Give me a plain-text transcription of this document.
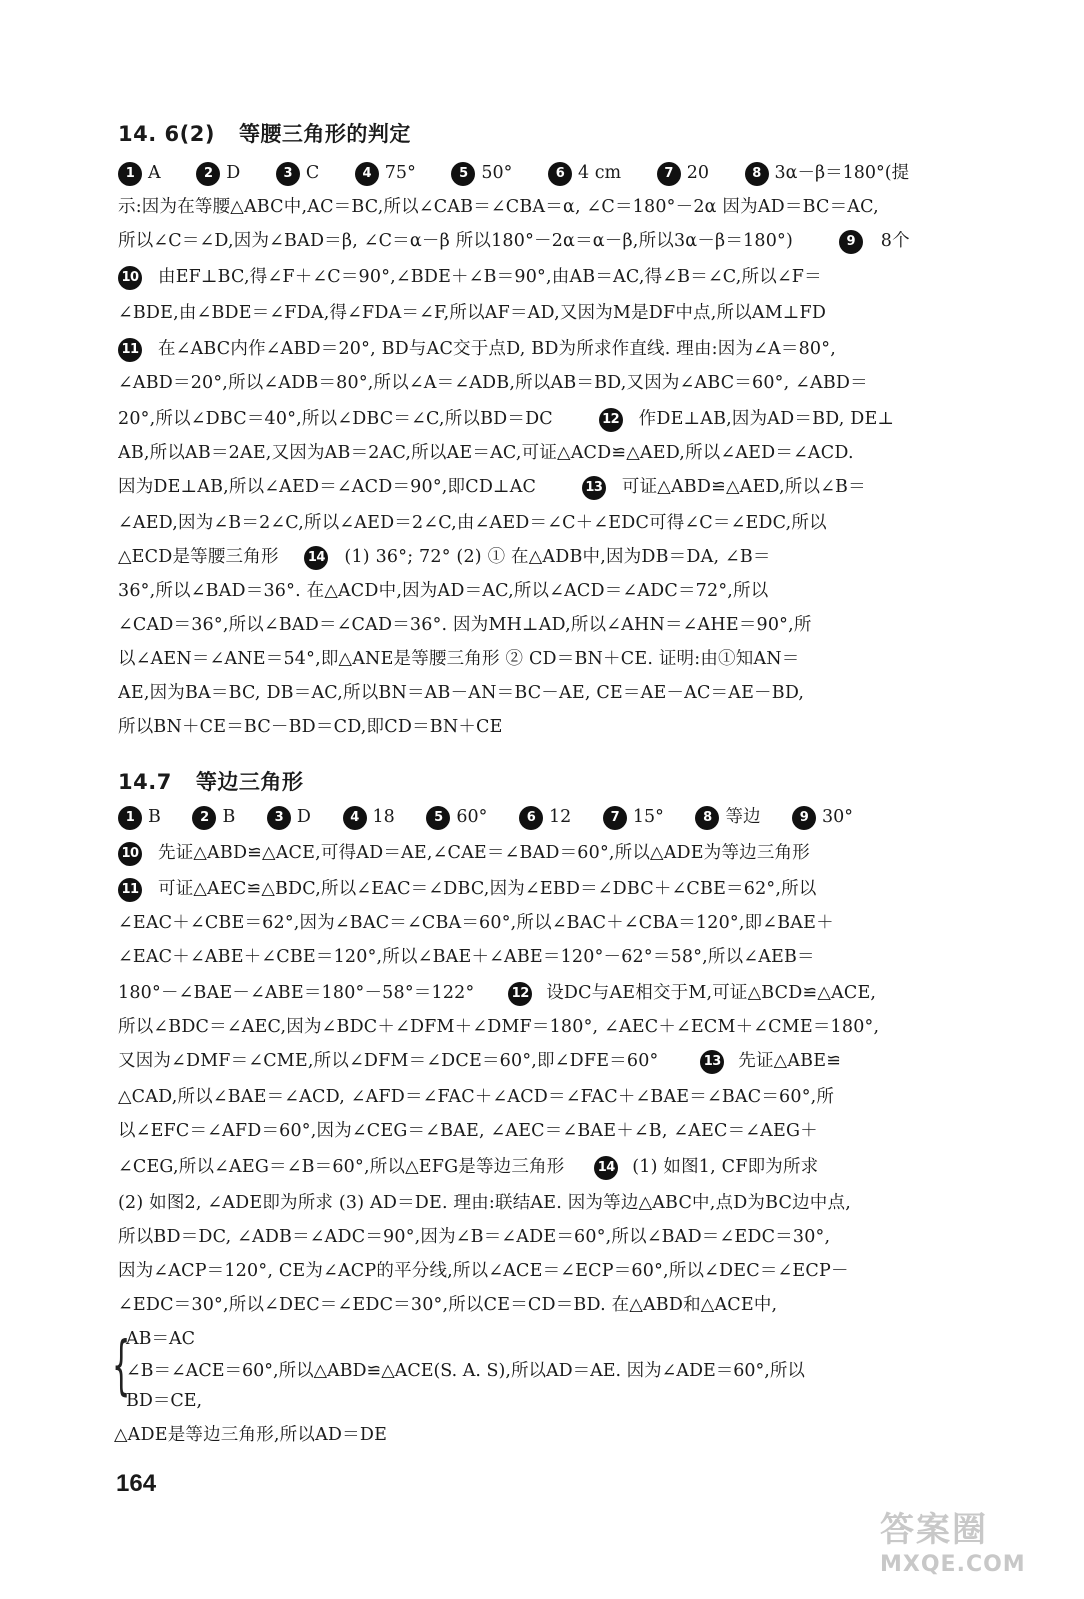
14. 6(2) 等腰三角形的判定
1 A	2 D	3 C	4 75°	5 50°	6 4 cm	7 20	8 3α－β＝180°(提
示:因为在等腰△ABC中,AC＝BC,所以∠CAB＝∠CBA＝α, ∠C＝180°－2α 因为AD＝BC＝AC,
所以∠C＝∠D,因为∠BAD＝β, ∠C＝α－β 所以180°－2α＝α－β,所以3α－β＝180°)	9 8个
10 由EF⊥BC,得∠F＋∠C＝90°,∠BDE＋∠B＝90°,由AB＝AC,得∠B＝∠C,所以∠F＝
∠BDE,由∠BDE＝∠FDA,得∠FDA＝∠F,所以AF＝AD,又因为M是DF中点,所以AM⊥FD
11 在∠ABC内作∠ABD＝20°, BD与AC交于点D, BD为所求作直线. 理由:因为∠A＝80°,
∠ABD＝20°,所以∠ADB＝80°,所以∠A＝∠ADB,所以AB＝BD,又因为∠ABC＝60°, ∠ABD＝
20°,所以∠DBC＝40°,所以∠DBC＝∠C,所以BD＝DC	12 作DE⊥AB,因为AD＝BD, DE⊥
AB,所以AB＝2AE,又因为AB＝2AC,所以AE＝AC,可证△ACD≌△AED,所以∠AED＝∠ACD.
因为DE⊥AB,所以∠AED＝∠ACD＝90°,即CD⊥AC	13 可证△ABD≌△AED,所以∠B＝
∠AED,因为∠B＝2∠C,所以∠AED＝2∠C,由∠AED＝∠C＋∠EDC可得∠C＝∠EDC,所以
△ECD是等腰三角形 14 (1) 36°; 72° (2) ① 在△ADB中,因为DB＝DA, ∠B＝
36°,所以∠BAD＝36°. 在△ACD中,因为AD＝AC,所以∠ACD＝∠ADC＝72°,所以
∠CAD＝36°,所以∠BAD＝∠CAD＝36°. 因为MH⊥AD,所以∠AHN＝∠AHE＝90°,所
以∠AEN＝∠ANE＝54°,即△ANE是等腰三角形 ② CD＝BN＋CE. 证明:由①知AN＝
AE,因为BA＝BC, DB＝AC,所以BN＝AB－AN＝BC－AE, CE＝AE－AC＝AE－BD,
所以BN＋CE＝BC－BD＝CD,即CD＝BN＋CE
14.7 等边三角形
1 B	2 B	3 D	4 18	5 60°	6 12	7 15°	8 等边	9 30°
10 先证△ABD≌△ACE,可得AD＝AE,∠CAE＝∠BAD＝60°,所以△ADE为等边三角形
11 可证△AEC≌△BDC,所以∠EAC＝∠DBC,因为∠EBD＝∠DBC＋∠CBE＝62°,所以
∠EAC＋∠CBE＝62°,因为∠BAC＝∠CBA＝60°,所以∠BAC＋∠CBA＝120°,即∠BAE＋
∠EAC＋∠ABE＋∠CBE＝120°,所以∠BAE＋∠ABE＝120°－62°＝58°,所以∠AEB＝
180°－∠BAE－∠ABE＝180°－58°＝122°	12 设DC与AE相交于M,可证△BCD≌△ACE,
所以∠BDC＝∠AEC,因为∠BDC＋∠DFM＋∠DMF＝180°, ∠AEC＋∠ECM＋∠CME＝180°,
又因为∠DMF＝∠CME,所以∠DFM＝∠DCE＝60°,即∠DFE＝60°	13 先证△ABE≌
△CAD,所以∠BAE＝∠ACD, ∠AFD＝∠FAC＋∠ACD＝∠FAC＋∠BAE＝∠BAC＝60°,所
以∠EFC＝∠AFD＝60°,因为∠CEG＝∠BAE, ∠AEC＝∠BAE＋∠B, ∠AEC＝∠AEG＋
∠CEG,所以∠AEG＝∠B＝60°,所以△EFG是等边三角形	14 (1) 如图1, CF即为所求
(2) 如图2, ∠ADE即为所求 (3) AD＝DE. 理由:联结AE. 因为等边△ABC中,点D为BC边中点,
所以BD＝DC, ∠ADB＝∠ADC＝90°,因为∠B＝∠ADE＝60°,所以∠BAD＝∠EDC＝30°,
因为∠ACP＝120°, CE为∠ACP的平分线,所以∠ACE＝∠ECP＝60°,所以∠DEC＝∠ECP－
∠EDC＝30°,所以∠DEC＝∠EDC＝30°,所以CE＝CD＝BD. 在△ABD和△ACE中,
{
AB＝AC
∠B＝∠ACE＝60°,所以△ABD≌△ACE(S. A. S),所以AD＝AE. 因为∠ADE＝60°,所以
BD＝CE,
△ADE是等边三角形,所以AD＝DE
164
答案圈
MXQE.COM
